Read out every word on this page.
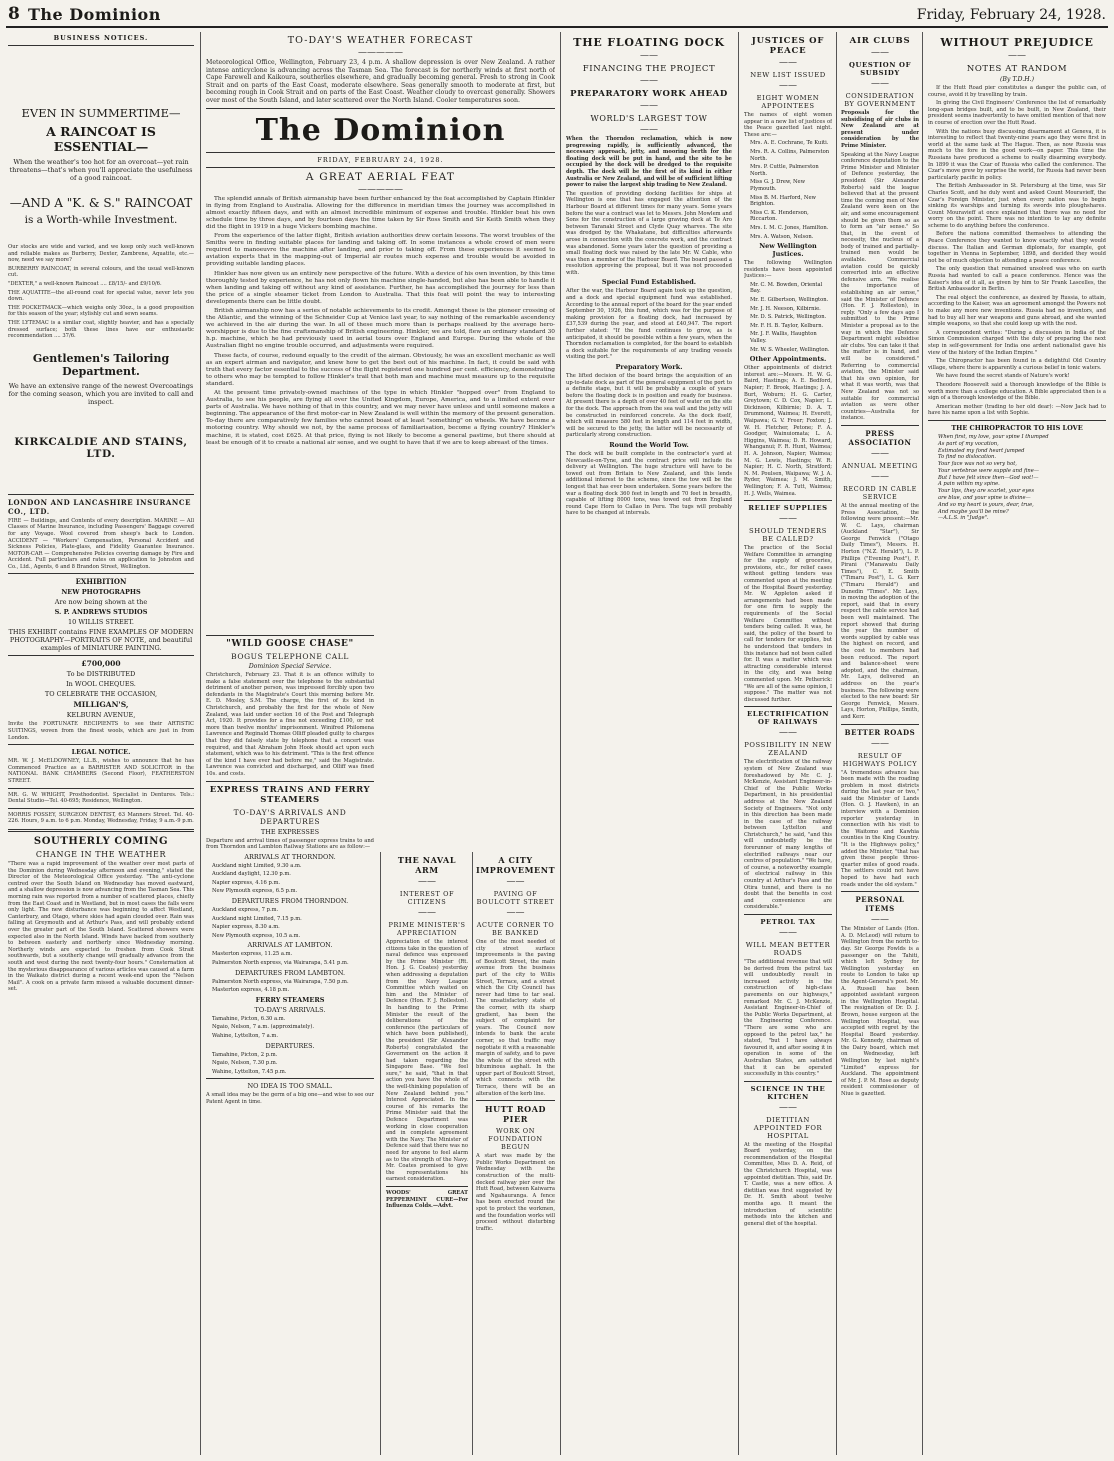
8 The Dominion	Friday, February 24, 1928.
BUSINESS NOTICES.
EVEN IN SUMMERTIME—
A RAINCOAT IS ESSENTIAL—
When the weather's too hot for an overcoat—yet rain threatens—that's when you'll appreciate the usefulness of a good raincoat.
—AND A "K. & S." RAINCOAT
is a Worth-while Investment.
Our stocks are wide and varied, and we keep only such well-known and reliable makes as Burberry, Dexter, Zambrene, Aquatite, etc.—now, need we say more?
BURBERRY RAINCOAT, in several colours, and the usual well-known cut.
"DEXTER," a well-known Raincoat .... £8/15/- and £9/10/6.
THE AQUATITE—the all-round coat for special value, never lets you down.
THE POCKETMACK—which weighs only 30oz., is a good proposition for this season of the year; stylishly cut and sewn seams.
THE LYTEMAC is a similar coat, slightly heavier, and has a specially dressed surface; both these lines have our enthusiastic recommendation .... 37/6.
Gentlemen's Tailoring Department.
We have an extensive range of the newest Overcoatings for the coming season, which you are invited to call and inspect.
KIRKCALDIE AND STAINS, LTD.
LONDON AND LANCASHIRE INSURANCE CO., LTD.
FIRE — Buildings, and Contents of every description. MARINE — All Classes of Marine Insurance, including Passengers' Baggage covered for any Voyage. Wool covered from sheep's back to London. ACCIDENT — "Workers' Compensation, Personal Accident and Sickness Policies, Plate-glass, and Fidelity Guarantee Insurance. MOTOR-CAR — Comprehensive Policies covering damage by Fire and Accident. Full particulars and rates on application to Johnston and Co., Ltd., Agents, 6 and 8 Brandon Street, Wellington.
EXHIBITION
NEW PHOTOGRAPHS
Are now being shown at the
S. P. ANDREWS STUDIOS
10 WILLIS STREET.
THIS EXHIBIT contains FINE EXAMPLES OF MODERN PHOTOGRAPHY—PORTRAITS OF NOTE, and beautiful examples of MINIATURE PAINTING.
£700,000
To be DISTRIBUTED
In WOOL CHEQUES.
TO CELEBRATE THE OCCASION,
MILLIGAN'S,
KELBURN AVENUE,
Invite the FORTUNATE RECIPIENTS to see their ARTISTIC SUITINGS, woven from the finest wools, which are just in from London.
LEGAL NOTICE.
MR. W. J. McELDOWNEY, LL.B., wishes to announce that he has Commenced Practice as a BARRISTER AND SOLICITOR in the NATIONAL BANK CHAMBERS (Second Floor), FEATHERSTON STREET.
MR. G. W. WRIGHT, Prosthodontist. Specialist in Dentures. Tels.: Dental Studio—Tel. 40-695; Residence, Wellington.
MORRIS FOSSEY, SURGEON DENTIST, 63 Manners Street. Tel. 40-226. Hours, 9 a.m. to 6 p.m. Monday, Wednesday, Friday, 9 a.m.-9 p.m.
SOUTHERLY COMING
CHANGE IN THE WEATHER
"There was a rapid improvement of the weather over most parts of the Dominion during Wednesday afternoon and evening," stated the Director of the Meteorological Office yesterday. "The anti-cyclone centred over the South Island on Wednesday has moved eastward, and a shallow depression is now advancing from the Tasman Sea. This morning rain was reported from a number of scattered places, chiefly from the East Coast and in Westland, but in most cases the falls were only light. The new disturbance was beginning to affect Westland, Canterbury, and Otago, where skies had again clouded over. Rain was falling at Greymouth and at Arthur's Pass, and will probably extend over the greater part of the South Island. Scattered showers were expected also in the North Island. Winds have backed from southerly to between easterly and northerly since Wednesday morning. Northerly winds are expected to freshen from Cook Strait southwards, but a southerly change will gradually advance from the south and west during the next twenty-four hours." Consternation at the mysterious disappearance of various articles was caused at a farm in the Waikato district during a recent week-end upon the "Nelson Mail". A cook on a private farm missed a valuable document dinner-set.
TO-DAY'S WEATHER FORECAST
—————
Meteorological Office, Wellington, February 23, 4 p.m. A shallow depression is over New Zealand. A rather intense anticyclone is advancing across the Tasman Sea. The forecast is for northerly winds at first north of Cape Farewell and Kaikoura, southerlies elsewhere, and gradually becoming general. Fresh to strong in Cook Strait and on parts of the East Coast, moderate elsewhere. Seas generally smooth to moderate at first, but becoming rough in Cook Strait and on parts of the East Coast. Weather cloudy to overcast generally. Showers over most of the South Island, and later scattered over the North Island. Cooler temperatures soon.
The Dominion
FRIDAY, FEBRUARY 24, 1928.
A GREAT AERIAL FEAT
—————
The splendid annals of British airmanship have been further enhanced by the feat accomplished by Captain Hinkler in flying from England to Australia. Allowing for the difference in meridian times the journey was accomplished in almost exactly fifteen days, and with an almost incredible minimum of expense and trouble. Hinkler beat his own schedule time by three days, and by fourteen days the time taken by Sir Ross Smith and Sir Keith Smith when they did the flight in 1919 in a huge Vickers bombing machine.
From the experience of the latter flight, British aviation authorities drew certain lessons. The worst troubles of the Smiths were in finding suitable places for landing and taking off. In some instances a whole crowd of men were required to manoeuvre the machine after landing, and prior to taking off. From these experiences it seemed to aviation experts that in the mapping-out of Imperial air routes much expense and trouble would be avoided in providing suitable landing places.
Hinkler has now given us an entirely new perspective of the future. With a device of his own invention, by this time thoroughly tested by experience, he has not only flown his machine single-handed, but also has been able to handle it when landing and taking off without any kind of assistance. Further, he has accomplished the journey for less than the price of a single steamer ticket from London to Australia. That this feat will point the way to interesting developments there can be little doubt.
British airmanship now has a series of notable achievements to its credit. Amongst these is the pioneer crossing of the Atlantic, and the winning of the Schneider Cup at Venice last year, to say nothing of the remarkable ascendency we achieved in the air during the war. In all of these much more than is perhaps realised by the average hero-worshipper is due to the fine craftsmanship of British engineering. Hinkler, we are told, flew an ordinary standard 30 h.p. machine, which he had previously used in aerial tours over England and Europe. During the whole of the Australian flight no engine trouble occurred, and adjustments were required.
These facts, of course, redound equally to the credit of the airman. Obviously, he was an excellent mechanic as well as an expert airman and navigator, and knew how to get the best out of his machine. In fact, it could be said with truth that every factor essential to the success of the flight registered one hundred per cent. efficiency, demonstrating to others who may be tempted to follow Hinkler's trail that both man and machine must measure up to the requisite standard.
At the present time privately-owned machines of the type in which Hinkler "hopped over" from England to Australia, to see his people, are flying all over the United Kingdom, Europe, America, and to a limited extent over parts of Australia. We have nothing of that in this country, and we may never have unless and until someone makes a beginning. The appearance of the first motor-car in New Zealand is well within the memory of the present generation. To-day there are comparatively few families who cannot boast of at least "something" on wheels. We have become a motoring country. Why should we not, by the same process of familiarisation, become a flying country? Hinkler's machine, it is stated, cost £625. At that price, flying is not likely to become a general pastime, but there should at least be enough of it to create a national air sense, and we ought to have that if we are to keep abreast of the times.
"WILD GOOSE CHASE"
BOGUS TELEPHONE CALL
Dominion Special Service.
Christchurch, February 23. That it is an offence wilfully to make a false statement over the telephone to the substantial detriment of another person, was impressed forcibly upon two defendants in the Magistrate's Court this morning before Mr. E. D. Mosley, S.M. The charge, the first of its kind in Christchurch, and probably the first for the whole of New Zealand, was laid under section 16 of the Post and Telegraph Act, 1920. It provides for a fine not exceeding £100, or not more than twelve months' imprisonment. Winifred Philomena Lawrence and Reginald Thomas Olliff pleaded guilty to charges that they did falsely state by telephone that a concert was required, and that Abraham John Hook should act upon such statement, which was to his detriment. "This is the first offence of the kind I have ever had before me," said the Magistrate. Lawrence was convicted and discharged, and Olliff was fined 10s. and costs.
EXPRESS TRAINS AND FERRY STEAMERS
TO-DAY'S ARRIVALS AND DEPARTURES
THE EXPRESSES
Departure and arrival times of passenger express trains to and from Thorndon and Lambton Railway Stations are as follow:—
ARRIVALS AT THORNDON.
Auckland night Limited, 9.30 a.m.
Auckland daylight, 12.30 p.m.
Napier express, 4.16 p.m.
New Plymouth express, 6.5 p.m.
DEPARTURES FROM THORNDON.
Auckland express, 7 p.m.
Auckland night Limited, 7.15 p.m.
Napier express, 8.30 a.m.
New Plymouth express, 10.5 a.m.
ARRIVALS AT LAMBTON.
Masterton express, 11.25 a.m.
Palmerston North express, via Wairarapa, 5.41 p.m.
DEPARTURES FROM LAMBTON.
Palmerston North express, via Wairarapa, 7.50 p.m.
Masterton express, 4.18 p.m.
FERRY STEAMERS
TO-DAY'S ARRIVALS.
Tamahine, Picton, 6.30 a.m.
Ngaio, Nelson, 7 a.m. (approximately).
Wahine, Lyttelton, 7 a.m.
DEPARTURES.
Tamahine, Picton, 2 p.m.
Ngaio, Nelson, 7.30 p.m.
Wahine, Lyttelton, 7.45 p.m.
NO IDEA IS TOO SMALL.
A small idea may be the germ of a big one—and wise to see our Patent Agent in time.
THE NAVAL ARM
——
INTEREST OF CITIZENS
——
PRIME MINISTER'S APPRECIATION
Appreciation of the interest citizens take in the question of naval defence was expressed by the Prime Minister (Rt. Hon. J. G. Coates) yesterday when addressing a deputation from the Navy League Committee which waited on him and the Minister of Defence (Hon. F. J. Rolleston). In handing to the Prime Minister the result of the deliberations of the conference (the particulars of which have been published), the president (Sir Alexander Roberts) congratulated the Government on the action it had taken regarding the Singapore Base. "We feel sure," he said, "that in that action you have the whole of the well-thinking population of New Zealand behind you." Interest Appreciated. In the course of his remarks the Prime Minister said that the Defence Department was working in close cooperation and in complete agreement with the Navy. The Minister of Defence said that there was no need for anyone to feel alarm as to the strength of the Navy. Mr. Coates promised to give the representations his earnest consideration.
WOODS' GREAT PEPPERMINT CURE—For Influenza Colds.—Advt.
A CITY IMPROVEMENT
——
PAVING OF BOULCOTT STREET
——
ACUTE CORNER TO BE BANKED
One of the most needed of city street surface improvements is the paving of Boulcott Street, the main avenue from the business part of the city to Willis Street, Terrace, and a street which the City Council has never had time to tar seal. The unsatisfactory state of the corner, with its sharp gradient, has been the subject of complaint for years. The Council now intends to bank the acute corner, so that traffic may negotiate it with a reasonable margin of safety, and to pave the whole of the street with bituminous asphalt. In the upper part of Boulcott Street, which connects with the Terrace, there will be an alteration of the kerb line.
HUTT ROAD PIER
WORK ON FOUNDATION BEGUN
A start was made by the Public Works Department on Wednesday with the construction of the multi-decked railway pier over the Hutt Road, between Kaiwarra and Ngahauranga. A fence has been erected round the spot to protect the workmen, and the foundation works will proceed without disturbing traffic.
THE FLOATING DOCK
——
FINANCING THE PROJECT
——
PREPARATORY WORK AHEAD
——
WORLD'S LARGEST TOW
——
When the Thorndon reclamation, which is now progressing rapidly, is sufficiently advanced, the necessary approach, jetty, and mooring berth for the floating dock will be put in hand, and the site to be occupied by the dock will be dredged to the requisite depth. The dock will be the first of its kind in either Australia or New Zealand, and will be of sufficient lifting power to raise the largest ship trading to New Zealand.
The question of providing docking facilities for ships at Wellington is one that has engaged the attention of the Harbour Board at different times for many years. Some years before the war a contract was let to Messrs. John Mowlem and Sons for the construction of a large graving dock at Te Aro between Taranaki Street and Clyde Quay wharves. The site was dredged by the Whakatane, but difficulties afterwards arose in connection with the concrete work, and the contract was abandoned. Some years later the question of providing a small floating dock was raised by the late Mr. W. Cable, who was then a member of the Harbour Board. The board passed a resolution approving the proposal, but it was not proceeded with.
Special Fund Established.
After the war, the Harbour Board again took up the question, and a dock and special equipment fund was established. According to the annual report of the board for the year ended September 30, 1926, this fund, which was for the purpose of making provision for a floating dock, had increased by £37,539 during the year, and stood at £40,947. The report further stated: "If the fund continues to grow, as is anticipated, it should be possible within a few years, when the Thorndon reclamation is completed, for the board to establish a dock suitable for the requirements of any trading vessels visiting the port."
Preparatory Work.
The lifted decision of the board brings the acquisition of an up-to-date dock as part of the general equipment of the port to a definite stage, but it will be probably a couple of years before the floating dock is in position and ready for business. At present there is a depth of over 40 feet of water on the site for the dock. The approach from the sea wall and the jetty will be constructed in reinforced concrete. As the dock itself, which will measure 580 feet in length and 114 feet in width, will be secured to the jetty, the latter will be necessarily of particularly strong construction.
Round the World Tow.
The dock will be built complete in the contractor's yard at Newcastle-on-Tyne, and the contract price will include its delivery at Wellington. The huge structure will have to be towed out from Britain to New Zealand, and this lends additional interest to the scheme, since the tow will be the longest that has ever been undertaken. Some years before the war a floating dock 360 feet in length and 70 feet in breadth, capable of lifting 8000 tons, was towed out from England round Cape Horn to Callao in Peru. The tugs will probably have to be changed at intervals.
JUSTICES OF PEACE
——
NEW LIST ISSUED
——
EIGHT WOMEN APPOINTEES
The names of eight women appear in a new list of justices of the Peace gazetted last night. These are:—
Mrs. A. E. Cochrane, Te Kuiti.
Mrs. R. A. Collins, Palmerston North.
Mrs. P. Cuttle, Palmerston North.
Miss G. J. Drew, New Plymouth.
Miss B. M. Harford, New Brighton.
Miss C. K. Henderson, Riccarton.
Mrs. I. M. C. Jones, Hamilton.
Mrs. A. Watson, Nelson.
New Wellington Justices.
The following Wellington residents have been appointed Justices:—
Mr. C. M. Bowden, Oriental Bay.
Mr. E. Gilbertson, Wellington.
Mr. J. H. Neeson, Kilbirnie.
Mr. D. S. Patrick, Wellington.
Mr. F. H. B. Taylor, Kelburn.
Mr. J. F. Wallis, Haughton Valley.
Mr. W. S. Wheeler, Wellington.
Other Appointments.
Other appointments of district interest are:—Messrs. H. W. G. Baird, Hastings; A. E. Bedford, Napier; F. Brook, Hastings; J. A. Burt, Woburn; H. G. Carter, Greytown; C. D. Cox, Napier; L. Dickinson, Kilbirnie; D. A. T. Drummond, Waimea; H. Everett, Waipawa; G. V. Freer; Foxton; J. W. H. Fletcher, Petone; F. A. Goodger, Wainuiomata; L. A. Higgins, Waimea; D. R. Howard, Whanganui; F. R. Hunt, Waimea; H. A. Johnson, Napier; Waimea; M. G. Lewis, Hastings; W. R. Napier; H. C. North, Stratford; N. M. Poulsen, Waipawa; W. J. A. Ryder, Waimea; J. M. Smith, Wellington; F. A. Tutt, Waimea; H. J. Wells, Waimea.
RELIEF SUPPLIES
——
SHOULD TENDERS BE CALLED?
The practice of the Social Welfare Committee in arranging for the supply of groceries, provisions, etc., for relief cases without getting tenders was commented upon at the meeting of the Hospital Board yesterday. Mr. W. Appleton asked if arrangements had been made for one firm to supply the requirements of the Social Welfare Committee without tenders being called. It was, he said, the policy of the board to call for tenders for supplies, but he understood that tenders in this instance had not been called for. It was a matter which was attracting considerable interest in the city, and was being commented upon. Mr. Petherick: "We are all of the same opinion, I suppose." The matter was not discussed further.
ELECTRIFICATION OF RAILWAYS
——
POSSIBILITY IN NEW ZEALAND
The electrification of the railway system of New Zealand was foreshadowed by Mr. C. J. McKenzie, Assistant Engineer-in-Chief of the Public Works Department, in his presidential address at the New Zealand Society of Engineers. "Not only in this direction has been made in the case of the railway between Lyttelton and Christchurch," he said, "and this will undoubtedly be the forerunner of many lengths of electrified railways near our centres of population." "We have, of course, a noteworthy example of electrical railway in this country at Arthur's Pass and the Otira tunnel, and there is no doubt that the benefits in cost and convenience are considerable."
PETROL TAX
——
WILL MEAN BETTER ROADS
"The additional revenue that will be derived from the petrol tax will undoubtedly result in increased activity in the construction of high-class pavements on our highways," remarked Mr. C. J. McKenzie, Assistant Engineer-in-Chief of the Public Works Department, at the Engineering Conference. "There are some who are opposed to the petrol tax," he stated, "but I have always favoured it, and after seeing it in operation in some of the Australian States, am satisfied that it can be operated successfully in this country."
SCIENCE IN THE KITCHEN
——
DIETITIAN APPOINTED FOR HOSPITAL
At the meeting of the Hospital Board yesterday, on the recommendation of the Hospital Committee, Miss D. A. Reid, of the Christchurch Hospital, was appointed dietitian. This, said Dr. T. Castle, was a new office. A dietitian was first suggested by Dr. H. Smith about twelve months ago. It meant the introduction of scientific methods into the kitchen and general diet of the hospital.
WITHOUT PREJUDICE
——
NOTES AT RANDOM
(By T.D.H.)
If the Hutt Road pier constitutes a danger the public can, of course, avoid it by travelling by train.
In giving the Civil Engineers' Conference the list of remarkably long-span bridges built, and to be built, in New Zealand, their president seems inadvertently to have omitted mention of that now in course of erection over the Hutt Road.
With the nations busy discussing disarmament at Geneva, it is interesting to reflect that twenty-nine years ago they were first in world at the same task at The Hague. Then, as now Russia was much to the fore in the good work—on paper. This time the Russians have produced a scheme to really disarming everybody. In 1899 it was the Czar of Russia who called the conference. The Czar's move grew by surprise the world, for Russia had never been particularly pacific in policy.
The British Ambassador in St. Petersburg at the time, was Sir Charles Scott, and he duly went and asked Count Mouravieff, the Czar's Foreign Minister, just when every nation was to begin sinking its warships and turning its swords into ploughshares. Count Mouravieff at once explained that there was no need for worry on the point. There was no intention to lay any definite scheme to do anything before the conference.
Before the nations committed themselves to attending the Peace Conference they wanted to know exactly what they would discuss. The Italian and German diplomats, for example, got together in Vienna in September, 1898, and decided they would not be of much objection to attending a peace conference.
The only question that remained unsolved was who on earth Russia had wanted to call a peace conference. Hence was the Kaiser's idea of it all, as given by him to Sir Frank Lascelles, the British Ambassador in Berlin.
The real object the conference, as desired by Russia, to attain, according to the Kaiser, was an agreement amongst the Powers not to make any more new inventions. Russia had no inventors, and had to buy all her war weapons and guns abroad, and she wanted simple weapons, so that she could keep up with the rest.
A correspondent writes: "During a discussion in India of the Simon Commission charged with the duty of preparing the next step in self-government for India one ardent nationalist gave his view of the history of the Indian Empire."
The Chiropractor has been found in a delightful Old Country village, where there is apparently a curious belief in tonic waters.
We have found the secret stands of Nature's work!
Theodore Roosevelt said a thorough knowledge of the Bible is worth more than a college education. A Bible appreciated then is a sign of a thorough knowledge of the Bible.
American mother (trading to her old dear): —Now Jack had to have his name upon a list with Sophie.
THE CHIROPRACTOR TO HIS LOVE
When first, my love, your spine I thumped
As part of my vocation,
Estimated my fond heart jumped
To find no dislocation.
Your face was not so very hot,
Your vertebrae were supple and fine—
But I have felt since then—God wot!—
A pain within my spine.
Your lips, they are scarlet, your eyes
are blue, and your spine is divine—
And so my heart is yours, dear, true,
And maybe you'll be mine?
—A.L.S. in "Judge".
AIR CLUBS
——
QUESTION OF SUBSIDY
——
CONSIDERATION BY GOVERNMENT
Proposals for the subsidising of air clubs in New Zealand are at present under consideration by the Prime Minister.
Speaking at the Navy League conference deputation to the Prime Minister and Minister of Defence yesterday, the president (Sir Alexander Roberts) said the league believed that at the present time the coming men of New Zealand were keen on the air, and some encouragement should be given them so as to form an "air sense." So that, in the event of necessity, the nucleus of a body of trained and partially-trained men would be available. Commercial aviation could be quickly converted into an effective defensive arm. "We realise the importance of establishing an air sense," said the Minister of Defence (Hon. F. J. Rolleston), in reply. "Only a few days ago I submitted to the Prime Minister a proposal as to the way in which the Defence Department might subsidise air clubs. You can take it that the matter is in hand, and will be considered." Referring to commercial aviation, the Minister said that his own opinion, for what it was worth, was that New Zealand was not so suitable for commercial aviation as were other countries—Australia for instance.
PRESS ASSOCIATION
——
ANNUAL MEETING
——
RECORD IN CABLE SERVICE
At the annual meeting of the Press Association, the following were present:—Mr. W. C. Lays, chairman (Auckland "Star"), Sir George Fenwick ("Otago Daily Times"), Messrs. H. Horton ("N.Z. Herald"), L. P. Phillips ("Evening Post"), F. Pirani ("Manawatu Daily Times"), C. E. Smith ("Timaru Post"), L. G. Kerr ("Timaru Herald") and Dunedin "Times". Mr. Lays, in moving the adoption of the report, said that in every respect the cable service had been well maintained. The report showed that during the year the number of words supplied by cable was the highest on record, and the cost to members had been reduced. The report and balance-sheet were adopted, and the chairman, Mr. Lays, delivered an address on the year's business. The following were elected to the new board: Sir George Fenwick, Messrs. Lays, Horton, Phillips, Smith, and Kerr.
BETTER ROADS
——
RESULT OF HIGHWAYS POLICY
"A tremendous advance has been made with the roading problem in most districts during the last year or two," said the Minister of Lands (Hon. O. J. Hawken), in an interview with a Dominion reporter yesterday in connection with his visit to the Waitomo and Kawhia counties in the King Country. "It is the Highways policy," added the Minister, "that has given these people three-quarter miles of good roads. The settlers could not have hoped to have had such roads under the old system."
PERSONAL ITEMS
——
The Minister of Lands (Hon. A. D. McLeod) will return to Wellington from the north to-day. Sir George Fowlds is a passenger on the Tahiti, which left Sydney for Wellington yesterday en route to London to take up the Agent-General's post. Mr. A. Russell has been appointed assistant surgeon in the Wellington Hospital. The resignation of Dr. D. J. Brown, house surgeon at the Wellington Hospital, was accepted with regret by the Hospital Board yesterday. Mr. G. Kennedy, chairman of the Dairy board, which met on Wednesday, left Wellington by last night's "Limited" express for Auckland. The appointment of Mr. J. P. M. Rose as deputy resident commissioner of Niue is gazetted.
